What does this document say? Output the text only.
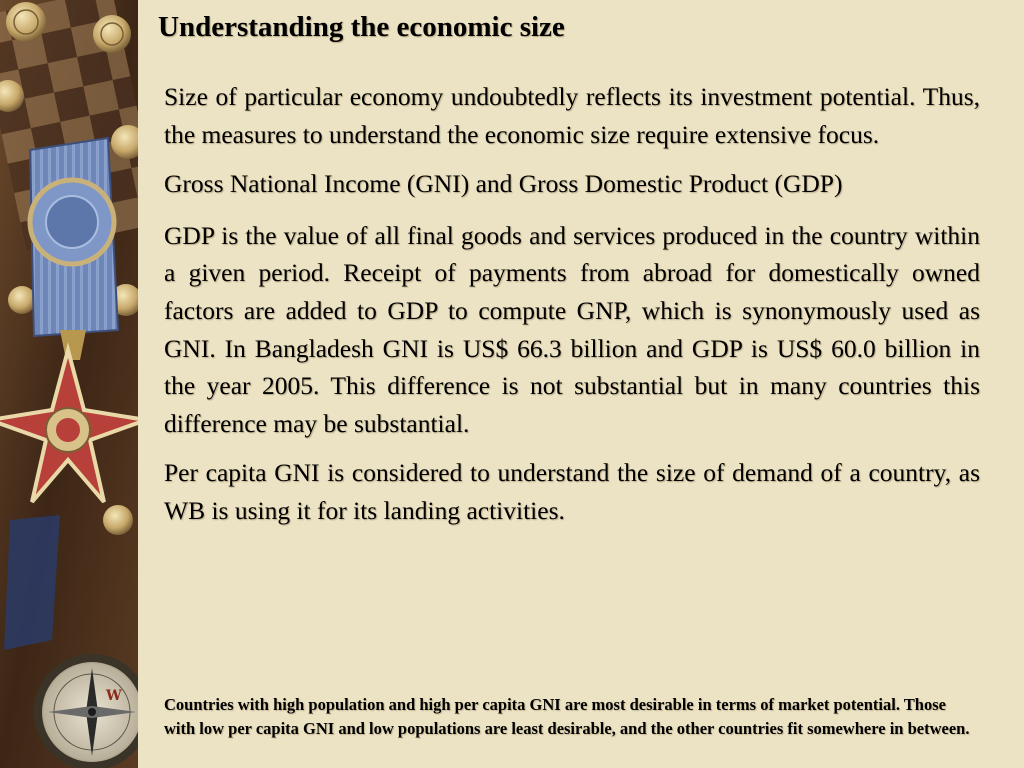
W
Understanding the economic size

Size of particular economy undoubtedly reflects its investment potential. Thus, the measures to understand the economic size require extensive focus.

Gross National Income (GNI) and Gross Domestic Product (GDP)

GDP is the value of all final goods and services produced in the country within a given period. Receipt of payments from abroad for domestically owned factors are added to GDP to compute GNP, which is synonymously used as GNI. In Bangladesh GNI is US$ 66.3 billion and GDP is US$ 60.0 billion in the year 2005. This difference is not substantial but in many countries this difference may be substantial.

Per capita GNI is considered to understand the size of demand of a country, as WB is using it for its landing activities.

Countries with high population and high per capita GNI are most desirable in terms of market potential. Those with low per capita GNI and low populations are least desirable, and the other countries fit somewhere in between.
